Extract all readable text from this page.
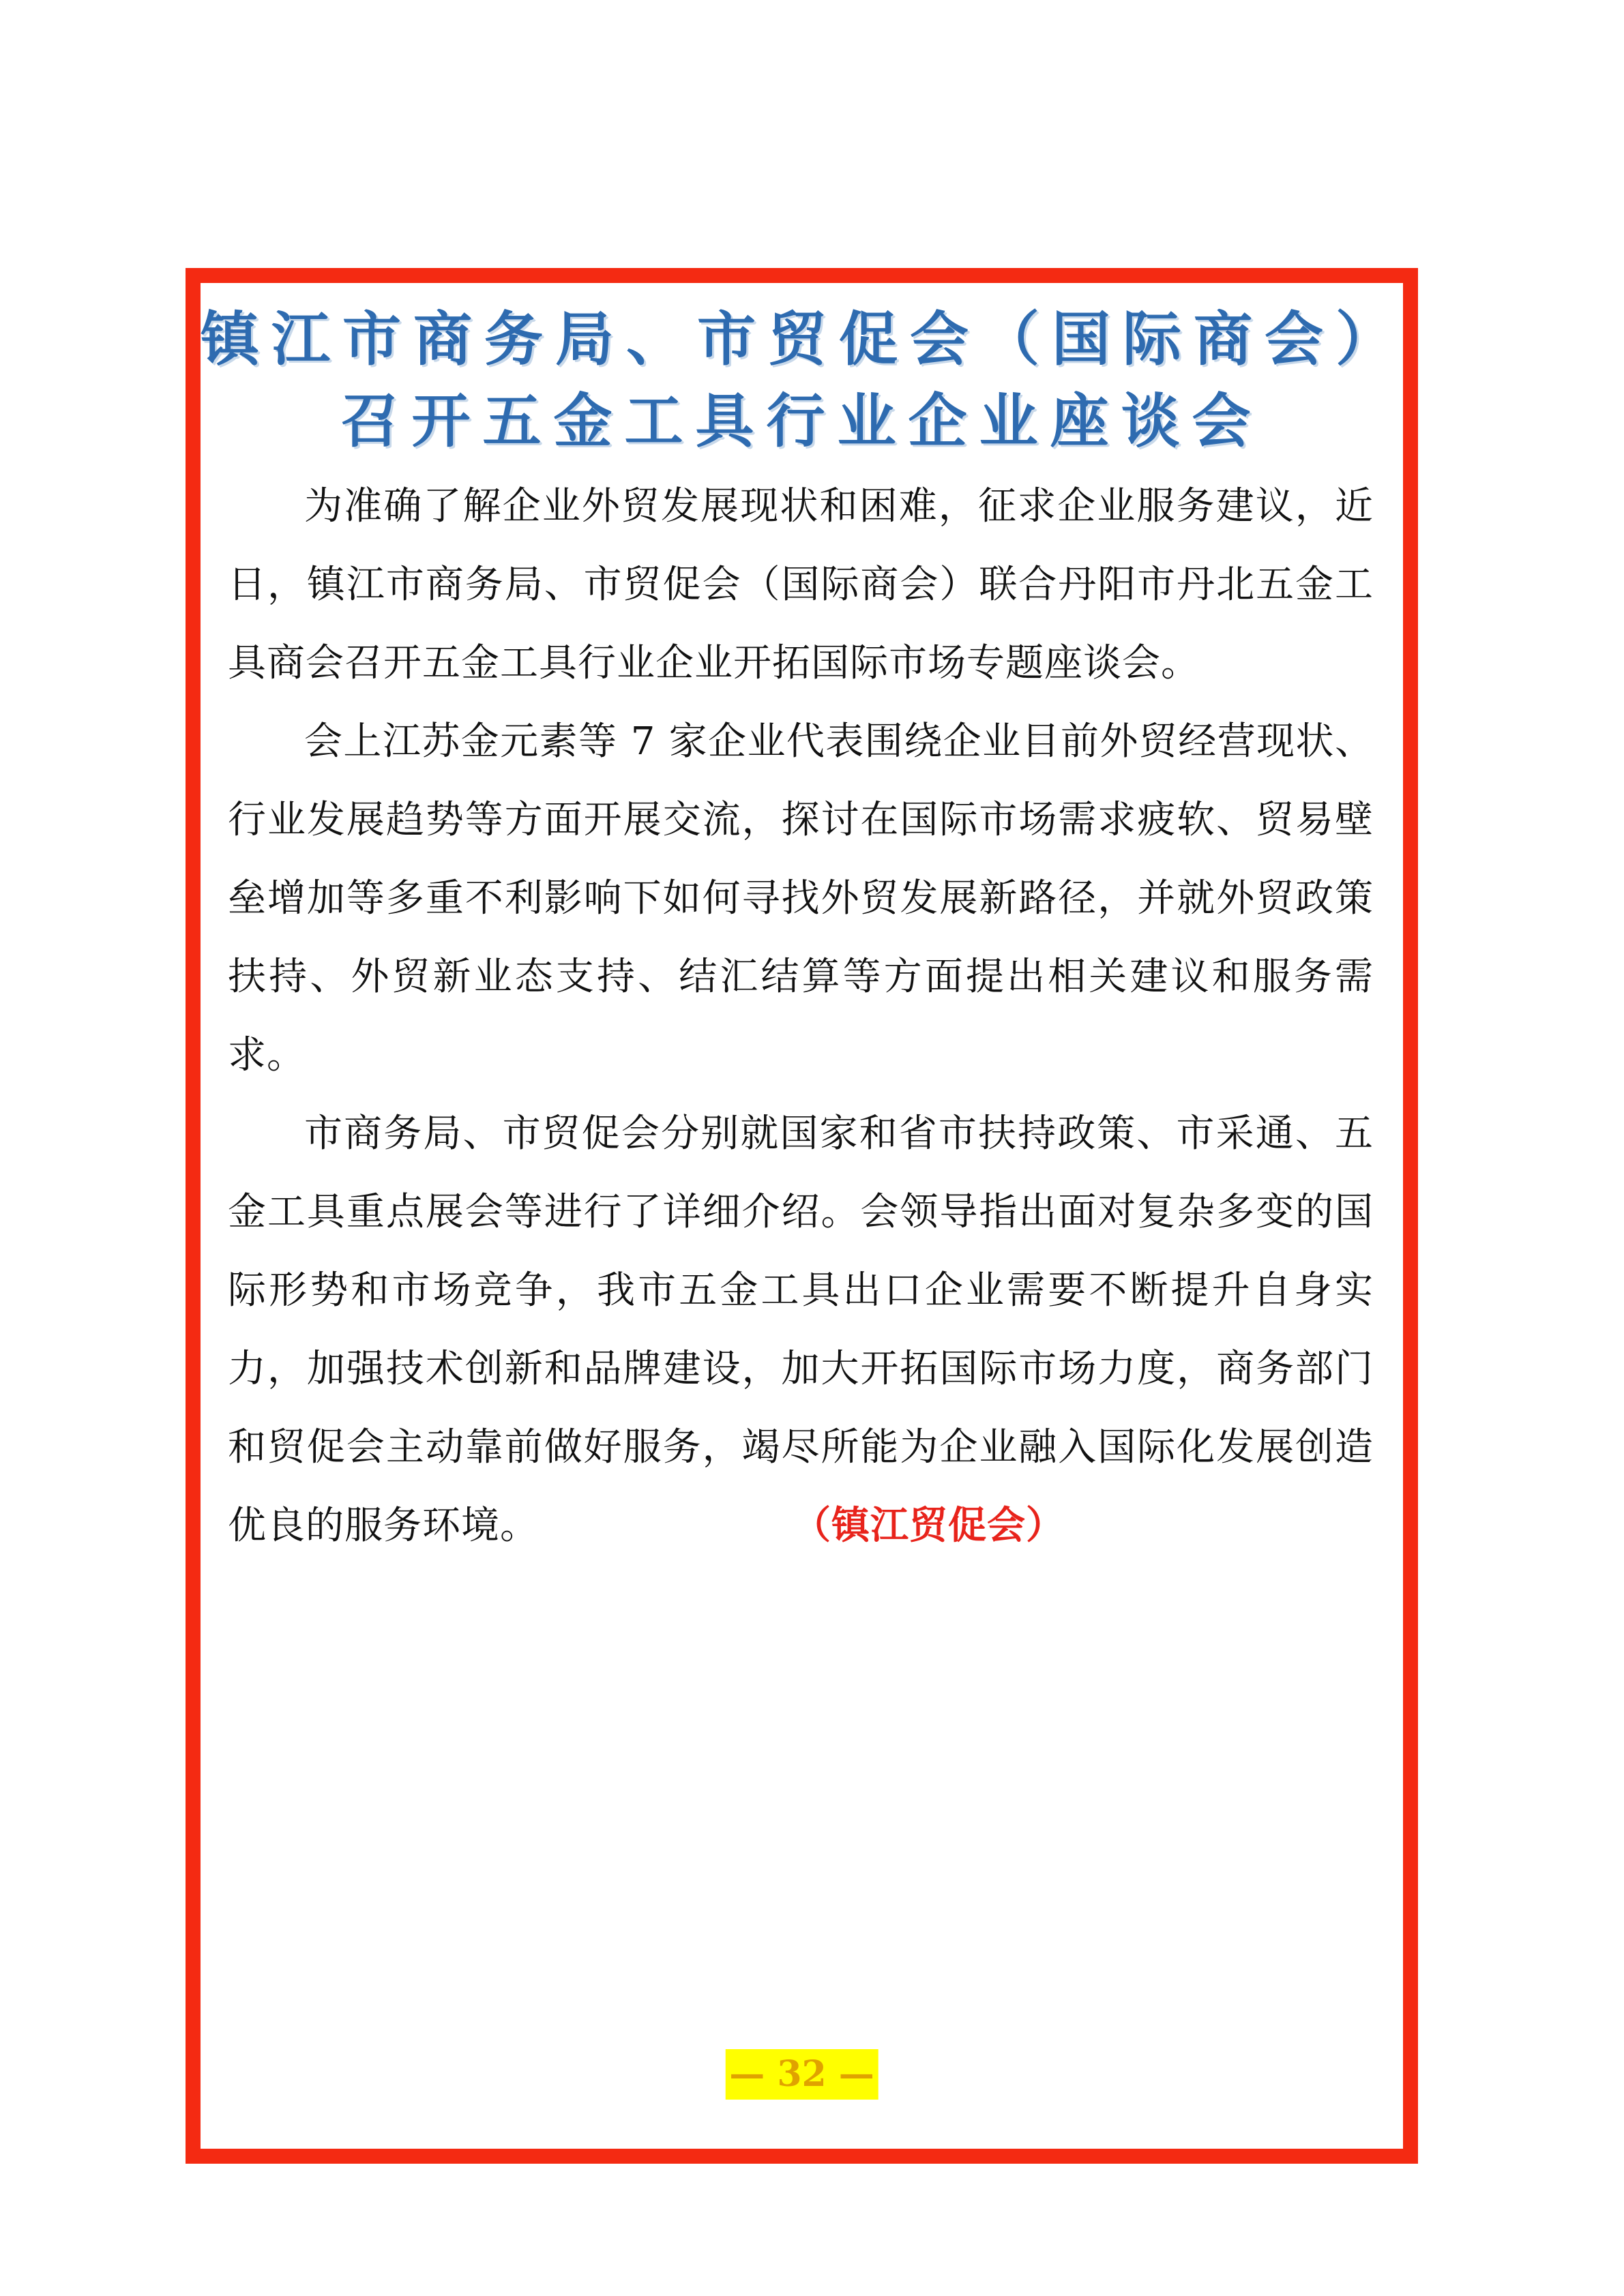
镇江市商务局、市贸促会（国际商会）
召开五金工具行业企业座谈会

为准确了解企业外贸发展现状和困难，征求企业服务建议，近日，镇江市商务局、市贸促会（国际商会）联合丹阳市丹北五金工具商会召开五金工具行业企业开拓国际市场专题座谈会。

会上江苏金元素等 7 家企业代表围绕企业目前外贸经营现状、行业发展趋势等方面开展交流，探讨在国际市场需求疲软、贸易壁垒增加等多重不利影响下如何寻找外贸发展新路径，并就外贸政策扶持、外贸新业态支持、结汇结算等方面提出相关建议和服务需求。

市商务局、市贸促会分别就国家和省市扶持政策、市采通、五金工具重点展会等进行了详细介绍。会领导指出面对复杂多变的国际形势和市场竞争，我市五金工具出口企业需要不断提升自身实力，加强技术创新和品牌建设，加大开拓国际市场力度，商务部门和贸促会主动靠前做好服务，竭尽所能为企业融入国际化发展创造优良的服务环境。	（镇江贸促会）

— 32 —
